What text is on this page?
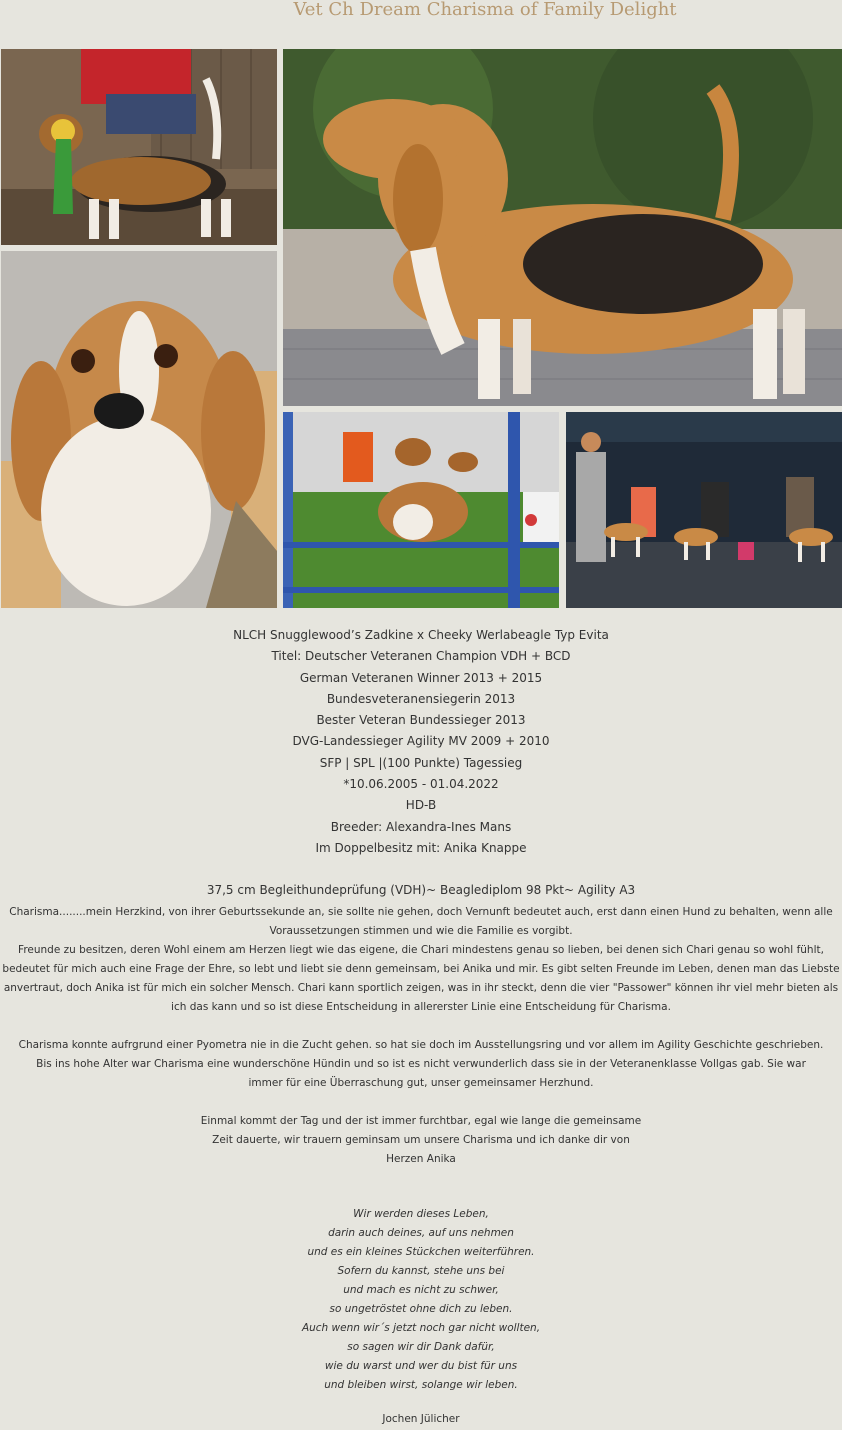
Vet Ch Dream Charisma of Family Delight
NLCH Snugglewood’s Zadkine x Cheeky Werlabeagle Typ Evita
Titel: Deutscher Veteranen Champion VDH + BCD
German Veteranen Winner 2013 + 2015
Bundesveteranensiegerin 2013
Bester Veteran Bundessieger 2013
DVG-Landessieger Agility MV 2009 + 2010
SFP | SPL |(100 Punkte) Tagessieg
*10.06.2005 - 01.04.2022
HD-B
Breeder: Alexandra-Ines Mans
Im Doppelbesitz mit: Anika Knappe
37,5 cm Begleithundeprüfung (VDH)~ Beaglediplom 98 Pkt~ Agility A3

Charisma........mein Herzkind, von ihrer Geburtssekunde an, sie sollte nie gehen, doch Vernunft bedeutet auch, erst dann einen Hund zu behalten, wenn alle Voraussetzungen stimmen und wie die Familie es vorgibt.

Freunde zu besitzen, deren Wohl einem am Herzen liegt wie das eigene, die Chari mindestens genau so lieben, bei denen sich Chari genau so wohl fühlt, bedeutet für mich auch eine Frage der Ehre, so lebt und liebt sie denn gemeinsam, bei Anika und mir. Es gibt selten Freunde im Leben, denen man das Liebste anvertraut, doch Anika ist für mich ein solcher Mensch. Chari kann sportlich zeigen, was in ihr steckt, denn die vier "Passower" können ihr viel mehr bieten als ich das kann und so ist diese Entscheidung in allererster Linie eine Entscheidung für Charisma.

Charisma konnte aufrgrund einer Pyometra nie in die Zucht gehen. so hat sie doch im Ausstellungsring und vor allem im Agility Geschichte geschrieben.

Bis ins hohe Alter war Charisma eine wunderschöne Hündin und so ist es nicht verwunderlich dass sie in der Veteranenklasse Vollgas gab. Sie war immer für eine Überraschung gut, unser gemeinsamer Herzhund.

Einmal kommt der Tag und der ist immer furchtbar, egal wie lange die gemeinsame

Zeit dauerte, wir trauern geminsam um unsere Charisma und ich danke dir von

Herzen Anika

Wir werden dieses Leben,
darin auch deines, auf uns nehmen
und es ein kleines Stückchen weiterführen.
Sofern du kannst, stehe uns bei
und mach es nicht zu schwer,
so ungetröstet ohne dich zu leben.
Auch wenn wir´s jetzt noch gar nicht wollten,
so sagen wir dir Dank dafür,
wie du warst und wer du bist für uns
und bleiben wirst, solange wir leben.
Jochen Jülicher
